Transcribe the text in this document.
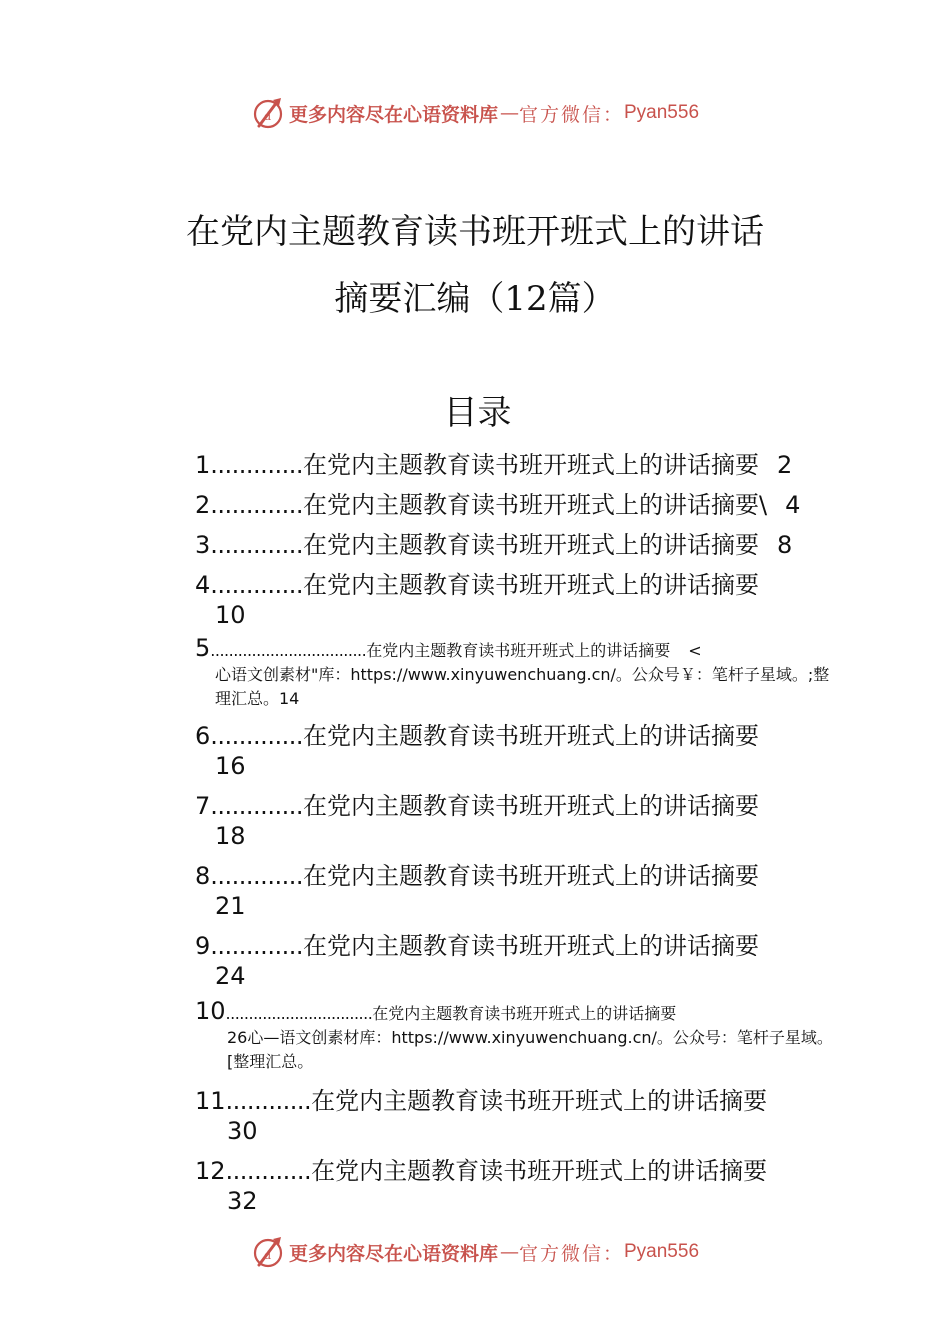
d 更多内容尽在心语资料库 — 官方微信： Pyan556
在党内主题教育读书班开班式上的讲话
摘要汇编（12篇）
目录
1 ............. 在党内主题教育读书班开班式上的讲话摘要 2
2 ............. 在党内主题教育读书班开班式上的讲话摘要\ 4
3 ............. 在党内主题教育读书班开班式上的讲话摘要 8
4 ............. 在党内主题教育读书班开班式上的讲话摘要
10
5 .................................. 在党内主题教育读书班开班式上的讲话摘要 <
心语文创素材"库：https://www.xinyuwenchuang.cn/。公众号￥：笔杆子星域。;整理汇总。14
6 ............. 在党内主题教育读书班开班式上的讲话摘要
16
7 ............. 在党内主题教育读书班开班式上的讲话摘要
18
8 ............. 在党内主题教育读书班开班式上的讲话摘要
21
9 ............. 在党内主题教育读书班开班式上的讲话摘要
24
10 ................................ 在党内主题教育读书班开班式上的讲话摘要
26心—语文创素材库：https://www.xinyuwenchuang.cn/。公众号：笔杆子星域。[整理汇总。
11 ............ 在党内主题教育读书班开班式上的讲话摘要
30
12 ............ 在党内主题教育读书班开班式上的讲话摘要
32
d 更多内容尽在心语资料库 — 官方微信： Pyan556
